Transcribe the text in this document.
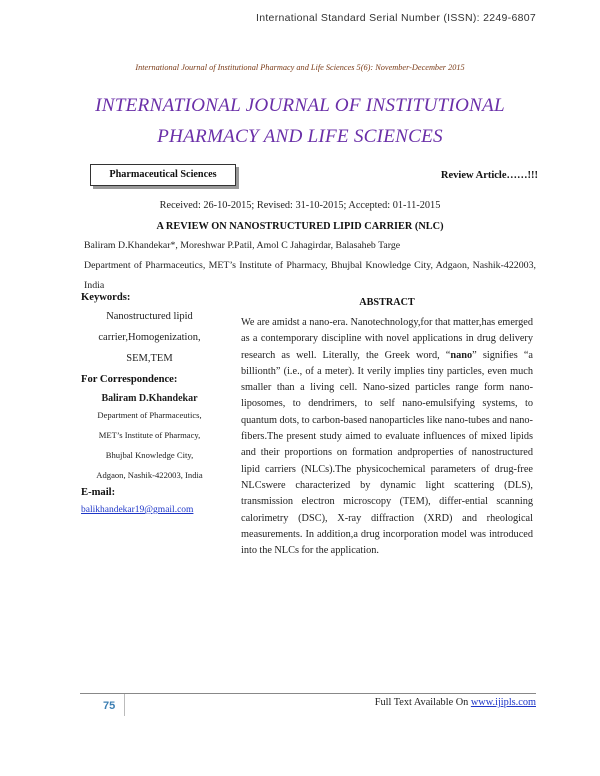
International Standard Serial Number (ISSN): 2249-6807
International Journal of Institutional Pharmacy and Life Sciences 5(6): November-December 2015
INTERNATIONAL JOURNAL OF INSTITUTIONAL
PHARMACY AND LIFE SCIENCES
Pharmaceutical Sciences	Review Article……!!!
Received: 26-10-2015; Revised: 31-10-2015; Accepted: 01-11-2015
A REVIEW ON NANOSTRUCTURED LIPID CARRIER (NLC)
Baliram D.Khandekar*, Moreshwar P.Patil, Amol C Jahagirdar, Balasaheb Targe
Department of Pharmaceutics, MET’s Institute of Pharmacy, Bhujbal Knowledge City, Adgaon, Nashik-422003, India
Keywords:
Nanostructured lipid carrier,Homogenization, SEM,TEM
For Correspondence:
Baliram D.Khandekar
Department of Pharmaceutics,
MET’s Institute of Pharmacy,
Bhujbal Knowledge City,
Adgaon, Nashik-422003, India
E-mail:
balikhandekar19@gmail.com
ABSTRACT
We are amidst a nano-era. Nanotechnology,for that matter,has emerged as a contemporary discipline with novel applications in drug delivery research as well. Literally, the Greek word, “nano” signifies “a billionth” (i.e., of a meter). It verily implies tiny particles, even much smaller than a living cell. Nano-sized particles range form nano-liposomes, to dendrimers, to self nano-emulsifying systems, to quantum dots, to carbon-based nanoparticles like nano-tubes and nano-fibers.The present study aimed to evaluate influences of mixed lipids and their proportions on formation andproperties of nanostructured lipid carriers (NLCs).The physicochemical parameters of drug-free NLCswere characterized by dynamic light scattering (DLS), transmission electron microscopy (TEM), differ-ential scanning calorimetry (DSC), X-ray diffraction (XRD) and rheological measurements. In addition,a drug incorporation model was introduced into the NLCs for the application.
75	Full Text Available On www.ijipls.com
